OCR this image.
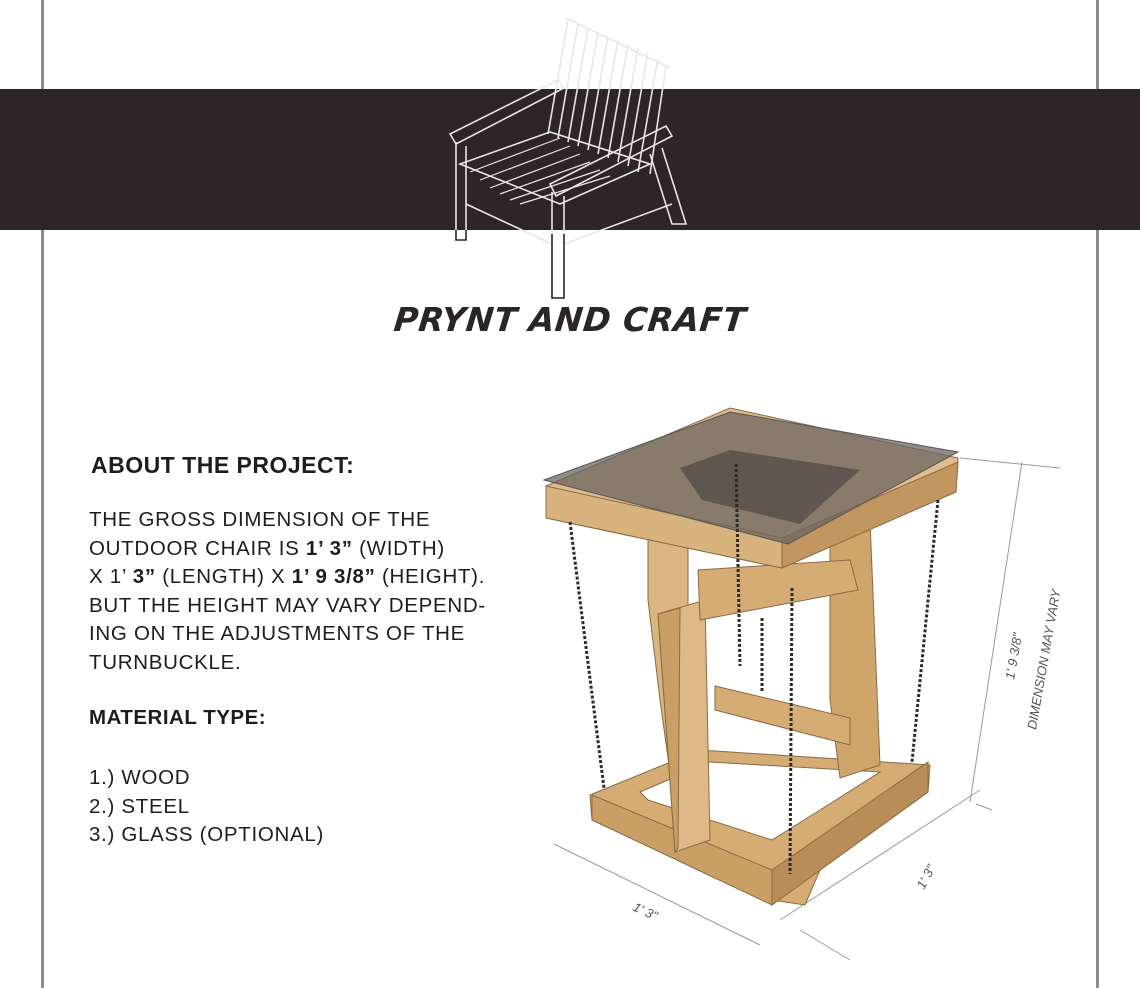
PRYNT AND CRAFT
ABOUT THE PROJECT:
THE GROSS DIMENSION OF THE
OUTDOOR CHAIR IS 1’ 3” (WIDTH)
X 1’ 3” (LENGTH) X 1’ 9 3/8” (HEIGHT).
BUT THE HEIGHT MAY VARY DEPEND-
ING ON THE ADJUSTMENTS OF THE
TURNBUCKLE.
MATERIAL TYPE:
1.) WOOD
2.) STEEL
3.) GLASS (OPTIONAL)
1' 9 3/8" DIMENSION MAY VARY
1' 3"
1' 3"
